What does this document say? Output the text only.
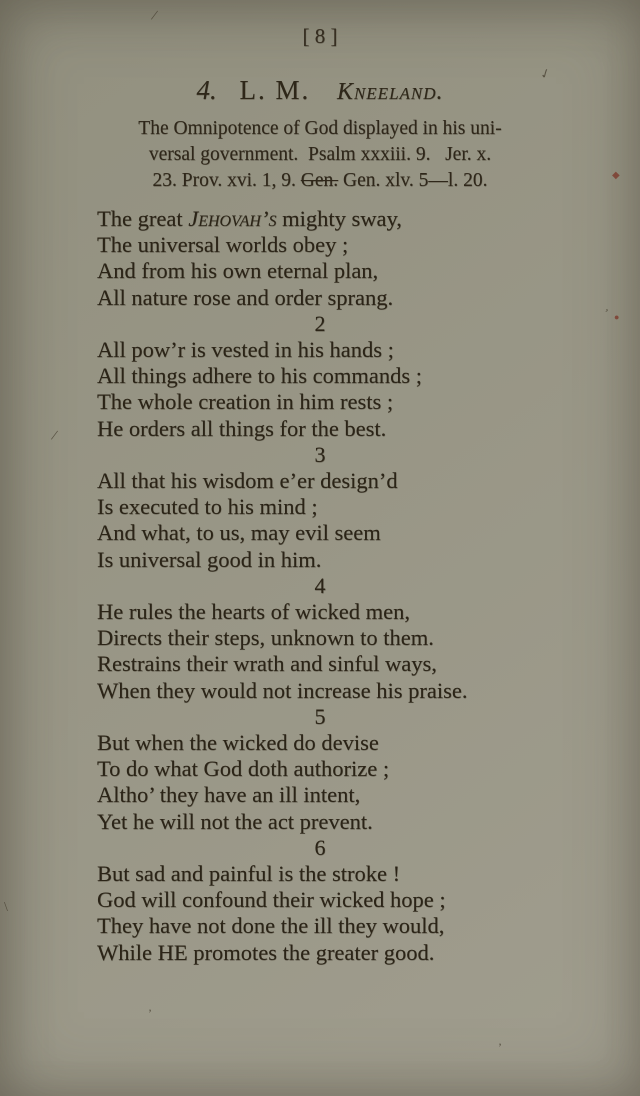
[ 8 ]
4. L. M. Kneeland.
The Omnipotence of God displayed in his uni-
versal government.  Psalm xxxiii. 9.   Jer. x.
23. Prov. xvi. 1, 9. Gen. Gen. xlv. 5—l. 20.
The great Jehovah’s mighty sway,
The universal worlds obey ;
And from his own eternal plan,
All nature rose and order sprang.
2
All pow’r is vested in his hands ;
All things adhere to his commands ;
The whole creation in him rests ;
He orders all things for the best.
3
All that his wisdom e’er design’d
Is executed to his mind ;
And what, to us, may evil seem
Is universal good in him.
4
He rules the hearts of wicked men,
Directs their steps, unknown to them.
Restrains their wrath and sinful ways,
When they would not increase his praise.
5
But when the wicked do devise
To do what God doth authorize ;
Altho’ they have an ill intent,
Yet he will not the act prevent.
6
But sad and painful is the stroke !
God will confound their wicked hope ;
They have not done the ill they would,
While HE promotes the greater good.
/
✓
◆
’ ●
/
\
’
’
